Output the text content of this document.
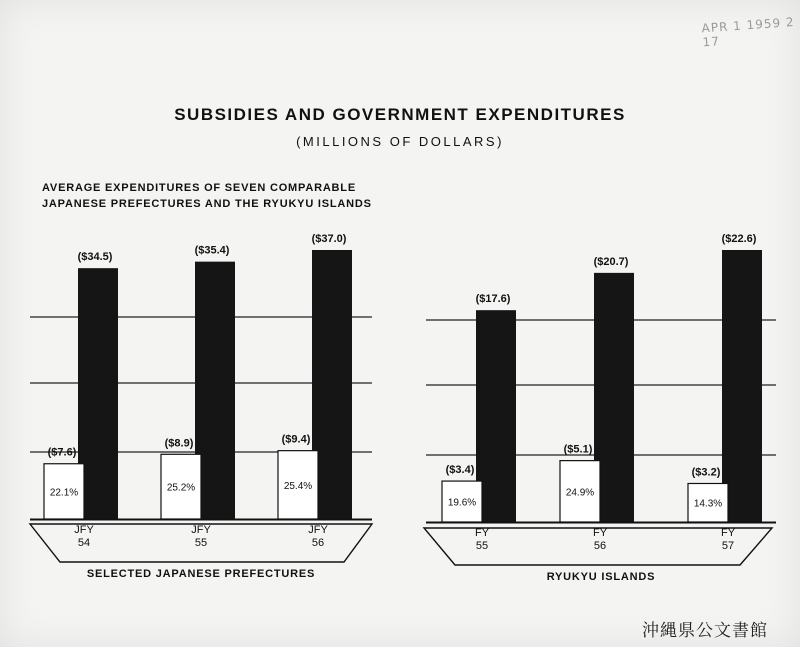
APR 1 1959 2 17
SUBSIDIES AND GOVERNMENT EXPENDITURES
(MILLIONS OF DOLLARS)
AVERAGE EXPENDITURES OF SEVEN COMPARABLE
JAPANESE PREFECTURES AND THE RYUKYU ISLANDS
($34.5)
($7.6)
22.1%
JFY
54
($35.4)
($8.9)
25.2%
JFY
55
($37.0)
($9.4)
25.4%
JFY
56
SELECTED JAPANESE PREFECTURES
($17.6)
($3.4)
19.6%
FY
55
($20.7)
($5.1)
24.9%
FY
56
($22.6)
($3.2)
14.3%
FY
57
RYUKYU ISLANDS
沖縄県公文書館
